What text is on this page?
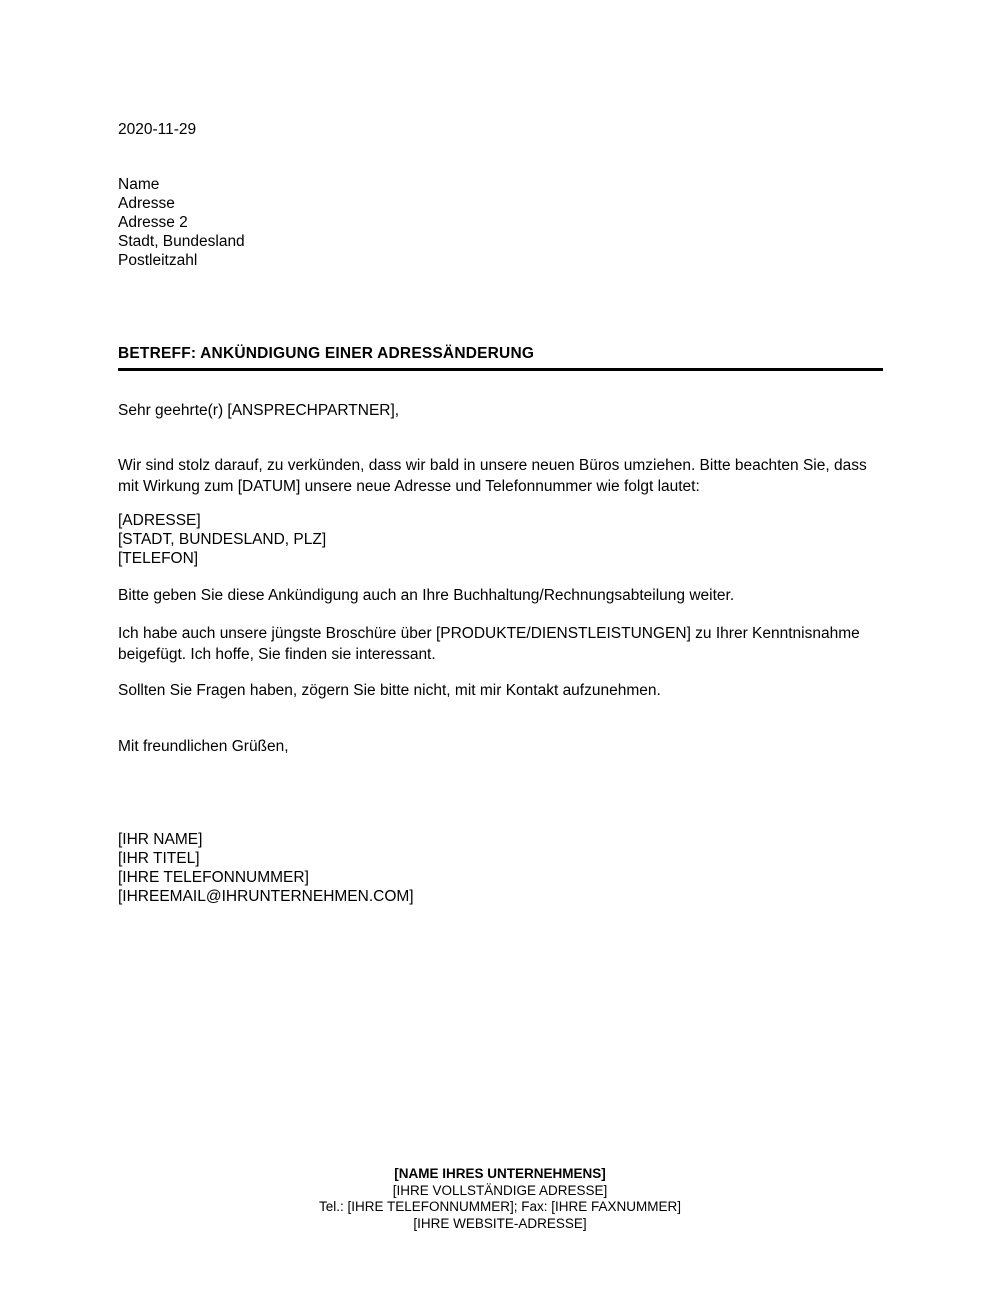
2020-11-29
Name
Adresse
Adresse 2
Stadt, Bundesland
Postleitzahl
BETREFF: ANKÜNDIGUNG EINER ADRESSÄNDERUNG
Sehr geehrte(r) [ANSPRECHPARTNER],
Wir sind stolz darauf, zu verkünden, dass wir bald in unsere neuen Büros umziehen. Bitte beachten Sie, dass mit Wirkung zum [DATUM] unsere neue Adresse und Telefonnummer wie folgt lautet:
[ADRESSE]
[STADT, BUNDESLAND, PLZ]
[TELEFON]
Bitte geben Sie diese Ankündigung auch an Ihre Buchhaltung/Rechnungsabteilung weiter.
Ich habe auch unsere jüngste Broschüre über [PRODUKTE/DIENSTLEISTUNGEN] zu Ihrer Kenntnisnahme beigefügt. Ich hoffe, Sie finden sie interessant.
Sollten Sie Fragen haben, zögern Sie bitte nicht, mit mir Kontakt aufzunehmen.
Mit freundlichen Grüßen,
[IHR NAME]
[IHR TITEL]
[IHRE TELEFONNUMMER]
[IHREEMAIL@IHRUNTERNEHMEN.COM]
[NAME IHRES UNTERNEHMENS]
[IHRE VOLLSTÄNDIGE ADRESSE]
Tel.: [IHRE TELEFONNUMMER]; Fax: [IHRE FAXNUMMER]
[IHRE WEBSITE-ADRESSE]
